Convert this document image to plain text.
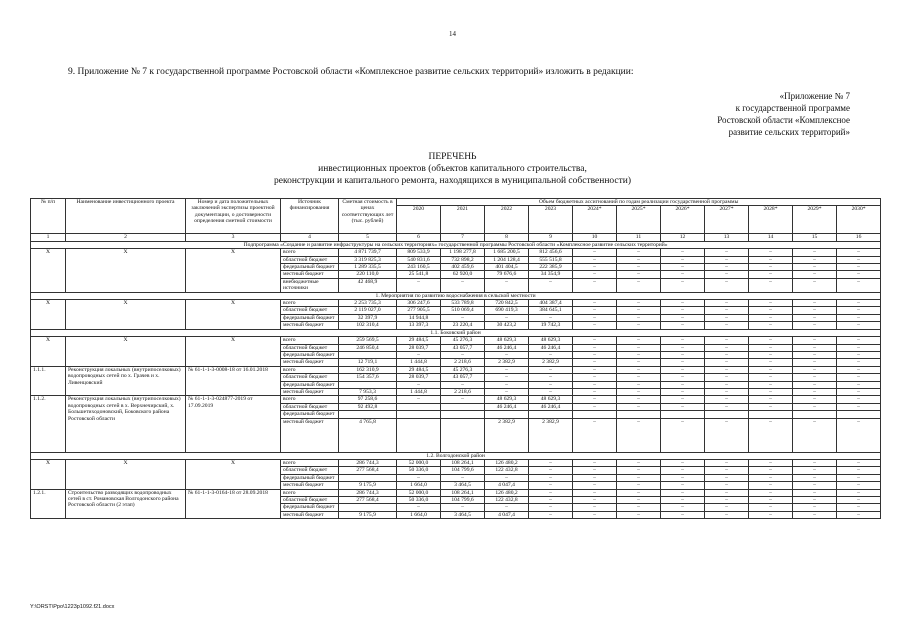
14
9. Приложение № 7 к государственной программе Ростовской области «Комплексное развитие сельских территорий» изложить в редакции:
«Приложение № 7
к государственной программе
Ростовской области «Комплексное
развитие сельских территорий»
ПЕРЕЧЕНЬ
инвестиционных проектов (объектов капитального строительства,
реконструкции и капитального ремонта, находящихся в муниципальной собственности)
№ п/п	Наименование инвестиционного проекта	Номер и дата положительных заключений экспертизы проектной документации, о достоверности определения сметной стоимости	Источник финансирования	Сметная стоимость в ценах соответствующих лет (тыс. рублей)	Объем бюджетных ассигнований по годам реализации государственной программы										
					2020	2021	2022	2023	2024*	2025*	2026*	2027*	2028*	2029*	2030*
1	2	3	4	5	6	7	8	9	10	11	12	13	14	15	16
Подпрограмма «Создание и развитие инфраструктуры на сельских территориях» государственной программы Ростовской области «Комплексное развитие сельских территорий»															
Х	Х	Х	всего	4 871 739,7	809 533,9	1 198 277,8	1 685 200,5	812 456,6	–	–	–	–	–	–	–
			областной бюджет	3 319 825,3	540 831,6	732 898,2	1 204 128,4	555 515,8	–	–	–	–	–	–	–
			федеральный бюджет	1 289 335,5	243 160,5	402 459,6	401 404,5	222 385,9	–	–	–	–	–	–	–
			местный бюджет	220 110,0	25 541,8	62 920,0	79 676,6	34 354,9	–	–	–	–	–	–	–
			внебюджетные источники	42 468,9	–	–	–	–	–	–	–	–	–	–	–
1. Мероприятия по развитию водоснабжения в сельской местности															
Х	Х	Х	всего	2 253 735,3	306 247,6	533 789,8	720 842,5	404 387,4	–	–	–	–	–	–	–
			областной бюджет	2 119 027,0	277 905,5	510 069,4	690 419,3	384 645,1	–	–	–	–	–	–	–
			федеральный бюджет	32 397,9	14 944,8	–	–	–	–	–	–	–	–	–	–
			местный бюджет	102 310,4	13 397,3	23 220,4	30 423,2	19 742,3	–	–	–	–	–	–	–
1.1. Боковский район															
Х	Х	Х	всего	259 569,5	29 484,5	45 276,3	48 629,3	48 629,3	–	–	–	–	–	–	–
			областной бюджет	246 850,4	28 039,7	43 057,7	46 246,4	46 246,4	–	–	–	–	–	–	–
			федеральный бюджет		–	–	–	–	–	–	–	–	–	–	–
			местный бюджет	12 719,1	1 444,8	2 218,6	2 382,9	2 382,9	–	–	–	–	–	–	–
1.1.1.	Реконструкция локальных (внутрипоселковых) водопроводных сетей по х. Грачев и х. Ливенцовский	№ 61-1-1-3-0008-18 от 16.01.2018	всего	162 310,9	29 484,5	45 276,3	–	–	–	–	–	–	–	–	–
			областной бюджет	154 357,6	28 039,7	43 057,7	–	–	–	–	–	–	–	–	–
			федеральный бюджет		–	–	–	–	–	–	–	–	–	–	–
			местный бюджет	7 953,3	1 444,8	2 218,6	–	–	–	–	–	–	–	–	–
1.1.2.	Реконструкция локальных (внутрипоселковых) водопроводных сетей в х. Верхнечирский, х. Большетиходоновский, Боковского района Ростовской области	№ 61-1-1-3-024877-2019 от 17.09.2019	всего	97 258,6	–	–	48 629,3	48 629,3	–	–	–	–	–	–	–
			областной бюджет	92 492,8			46 246,4	46 246,4	–	–	–	–	–	–	–
			федеральный бюджет												
			местный бюджет	4 765,8			2 382,9	2 382,9	–	–	–	–	–	–	–
1.2. Волгодонской район															
Х	Х	Х	всего	286 744,3	52 000,0	108 264,1	126 480,2	–	–	–	–	–	–	–	–
			областной бюджет	277 568,4	50 336,0	104 799,6	122 432,8	–	–	–	–	–	–	–	–
			федеральный бюджет		–	–	–	–	–	–	–	–	–	–	–
			местный бюджет	9 175,9	1 664,0	3 464,5	4 047,4	–	–	–	–	–	–	–	–
1.2.1.	Строительство разводящих водопроводных сетей в ст. Романовская Волгодонского района Ростовской области (2 этап)	№ 61-1-1-3-0164-18 от 28.09.2018	всего	286 744,3	52 000,0	108 264,1	126 480,2	–	–	–	–	–	–	–	–
			областной бюджет	277 568,4	50 336,0	104 799,6	122 432,8	–	–	–	–	–	–	–	–
			федеральный бюджет		–	–	–	–	–	–	–	–	–	–	–
			местный бюджет	9 175,9	1 664,0	3 464,5	4 047,4	–	–	–	–	–	–	–	–
Y:\ORST\Ppo\1223p1092.f21.docx
